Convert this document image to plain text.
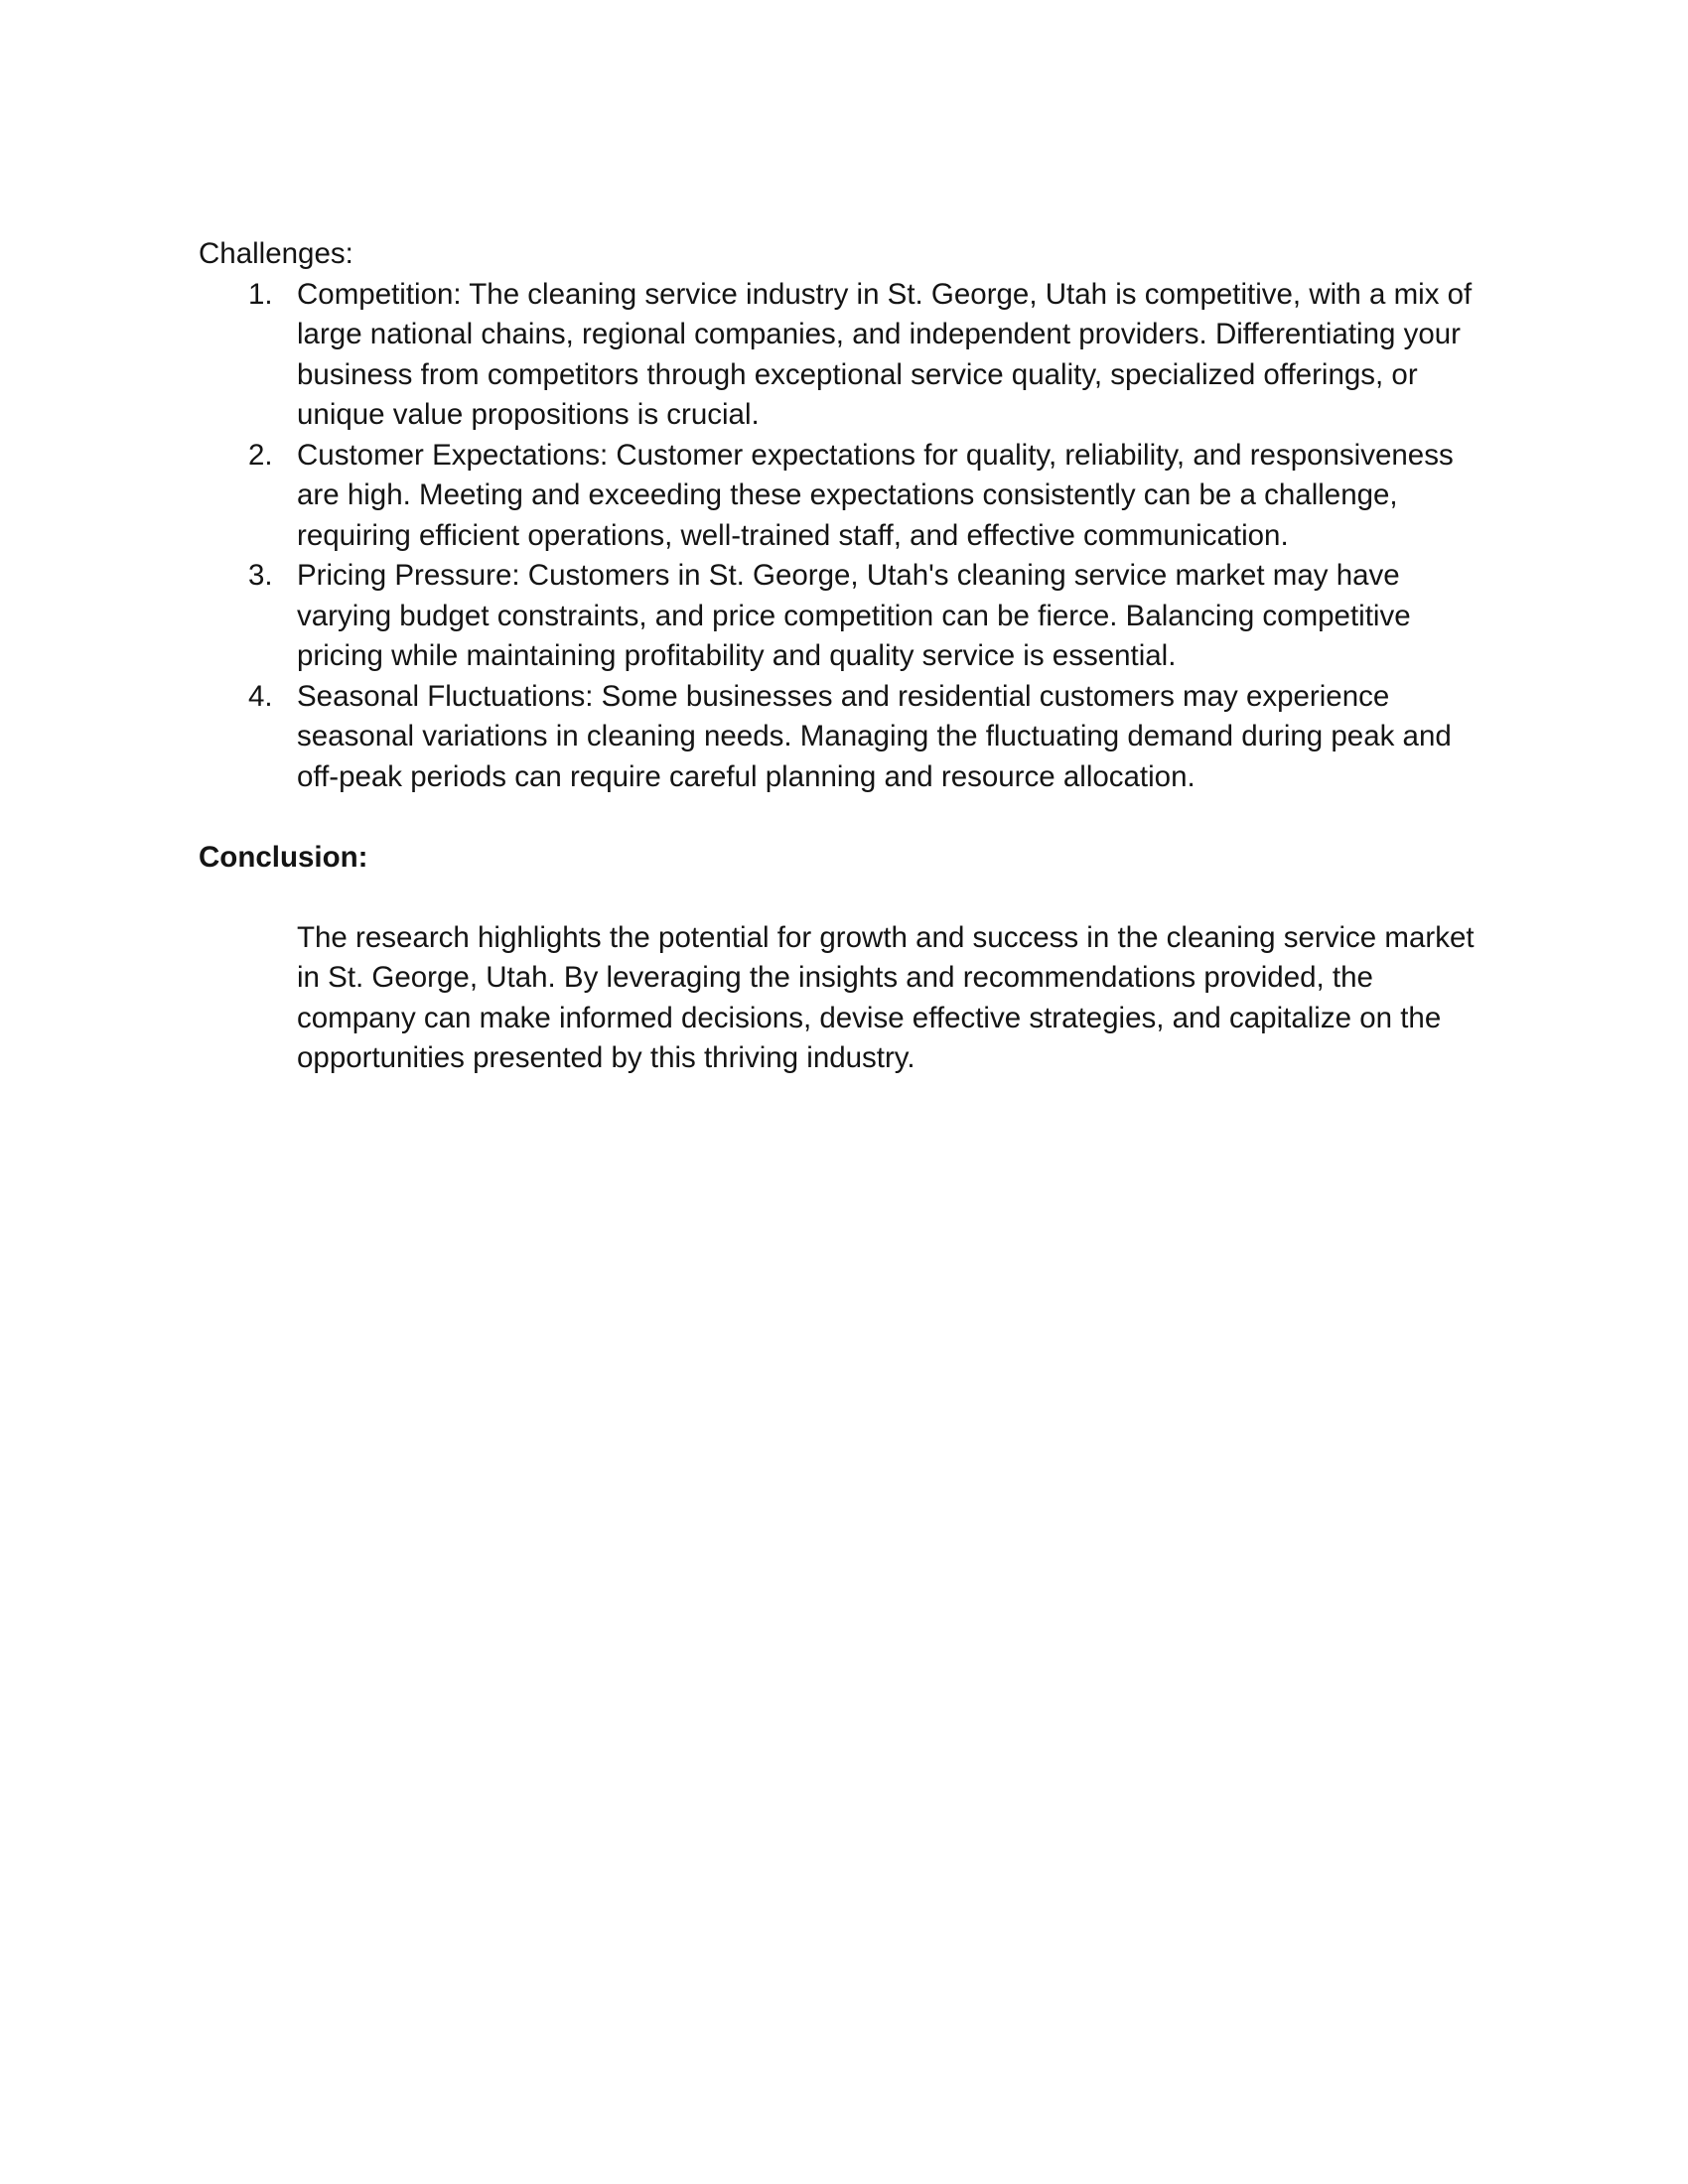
Challenges:

1. Competition: The cleaning service industry in St. George, Utah is competitive, with a mix of large national chains, regional companies, and independent providers. Differentiating your business from competitors through exceptional service quality, specialized offerings, or unique value propositions is crucial.
2. Customer Expectations: Customer expectations for quality, reliability, and responsiveness are high. Meeting and exceeding these expectations consistently can be a challenge, requiring efficient operations, well-trained staff, and effective communication.
3. Pricing Pressure: Customers in St. George, Utah's cleaning service market may have varying budget constraints, and price competition can be fierce. Balancing competitive pricing while maintaining profitability and quality service is essential.
4. Seasonal Fluctuations: Some businesses and residential customers may experience seasonal variations in cleaning needs. Managing the fluctuating demand during peak and off-peak periods can require careful planning and resource allocation.
Conclusion:

The research highlights the potential for growth and success in the cleaning service market in St. George, Utah. By leveraging the insights and recommendations provided, the company can make informed decisions, devise effective strategies, and capitalize on the opportunities presented by this thriving industry.
